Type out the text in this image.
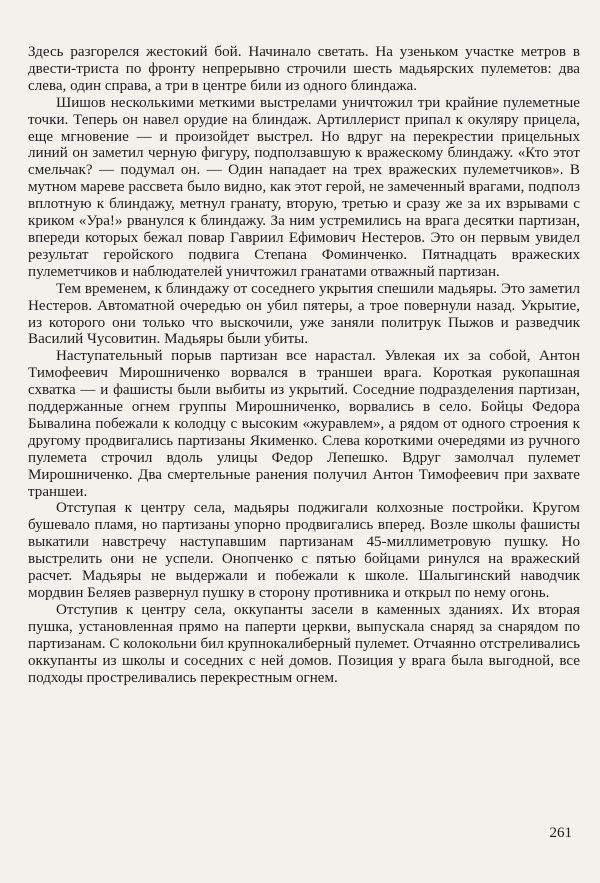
Здесь разгорелся жестокий бой. Начинало светать. На узеньком участке метров в двести-триста по фронту непрерывно строчили шесть мадьярских пулеметов: два слева, один справа, а три в центре били из одного блиндажа.

Шишов несколькими меткими выстрелами уничтожил три крайние пулеметные точки. Теперь он навел орудие на блиндаж. Артиллерист припал к окуляру прицела, еще мгновение — и произойдет выстрел. Но вдруг на перекрестии прицельных линий он заметил черную фигуру, подползавшую к вражескому блиндажу. «Кто этот смельчак? — подумал он. — Один нападает на трех вражеских пулеметчиков». В мутном мареве рассвета было видно, как этот герой, не замеченный врагами, подполз вплотную к блиндажу, метнул гранату, вторую, третью и сразу же за их взрывами с криком «Ура!» рванулся к блиндажу. За ним устремились на врага десятки партизан, впереди которых бежал повар Гавриил Ефимович Нестеров. Это он первым увидел результат геройского подвига Степана Фоминченко. Пятнадцать вражеских пулеметчиков и наблюдателей уничтожил гранатами отважный партизан.

Тем временем, к блиндажу от соседнего укрытия спешили мадьяры. Это заметил Нестеров. Автоматной очередью он убил пятеры, а трое повернули назад. Укрытие, из которого они только что выскочили, уже заняли политрук Пыжов и разведчик Василий Чусовитин. Мадьяры были убиты.

Наступательный порыв партизан все нарастал. Увлекая их за собой, Антон Тимофеевич Мирошниченко ворвался в траншеи врага. Короткая рукопашная схватка — и фашисты были выбиты из укрытий. Соседние подразделения партизан, поддержанные огнем группы Мирошниченко, ворвались в село. Бойцы Федора Бывалина побежали к колодцу с высоким «журавлем», а рядом от одного строения к другому продвигались партизаны Якименко. Слева короткими очередями из ручного пулемета строчил вдоль улицы Федор Лепешко. Вдруг замолчал пулемет Мирошниченко. Два смертельные ранения получил Антон Тимофеевич при захвате траншеи.

Отступая к центру села, мадьяры поджигали колхозные постройки. Кругом бушевало пламя, но партизаны упорно продвигались вперед. Возле школы фашисты выкатили навстречу наступавшим партизанам 45-миллиметровую пушку. Но выстрелить они не успели. Онопченко с пятью бойцами ринулся на вражеский расчет. Мадьяры не выдержали и побежали к школе. Шалыгинский наводчик мордвин Беляев развернул пушку в сторону противника и открыл по нему огонь.

Отступив к центру села, оккупанты засели в каменных зданиях. Их вторая пушка, установленная прямо на паперти церкви, выпускала снаряд за снарядом по партизанам. С колокольни бил крупнокалиберный пулемет. Отчаянно отстреливались оккупанты из школы и соседних с ней домов. Позиция у врага была выгодной, все подходы простреливались перекрестным огнем.

261
